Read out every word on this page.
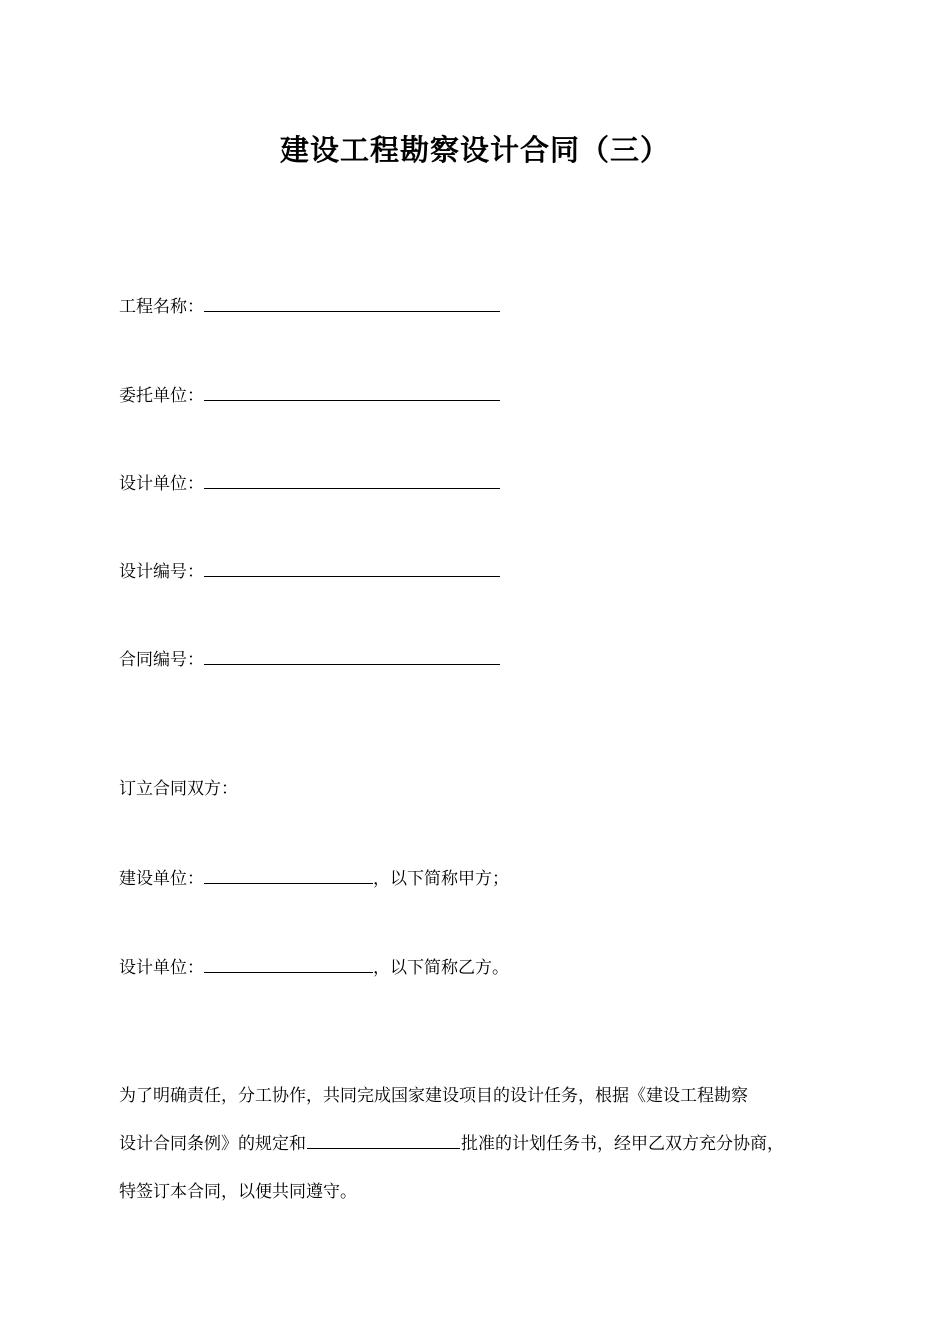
建设工程勘察设计合同（三）
工程名称：
委托单位：
设计单位：
设计编号：
合同编号：
订立合同双方：
建设单位：	，以下简称甲方；
设计单位：	，以下简称乙方。
为了明确责任，分工协作，共同完成国家建设项目的设计任务，根据《建设工程勘察
设计合同条例》的规定和	批准的计划任务书，经甲乙双方充分协商，
特签订本合同，以便共同遵守。
